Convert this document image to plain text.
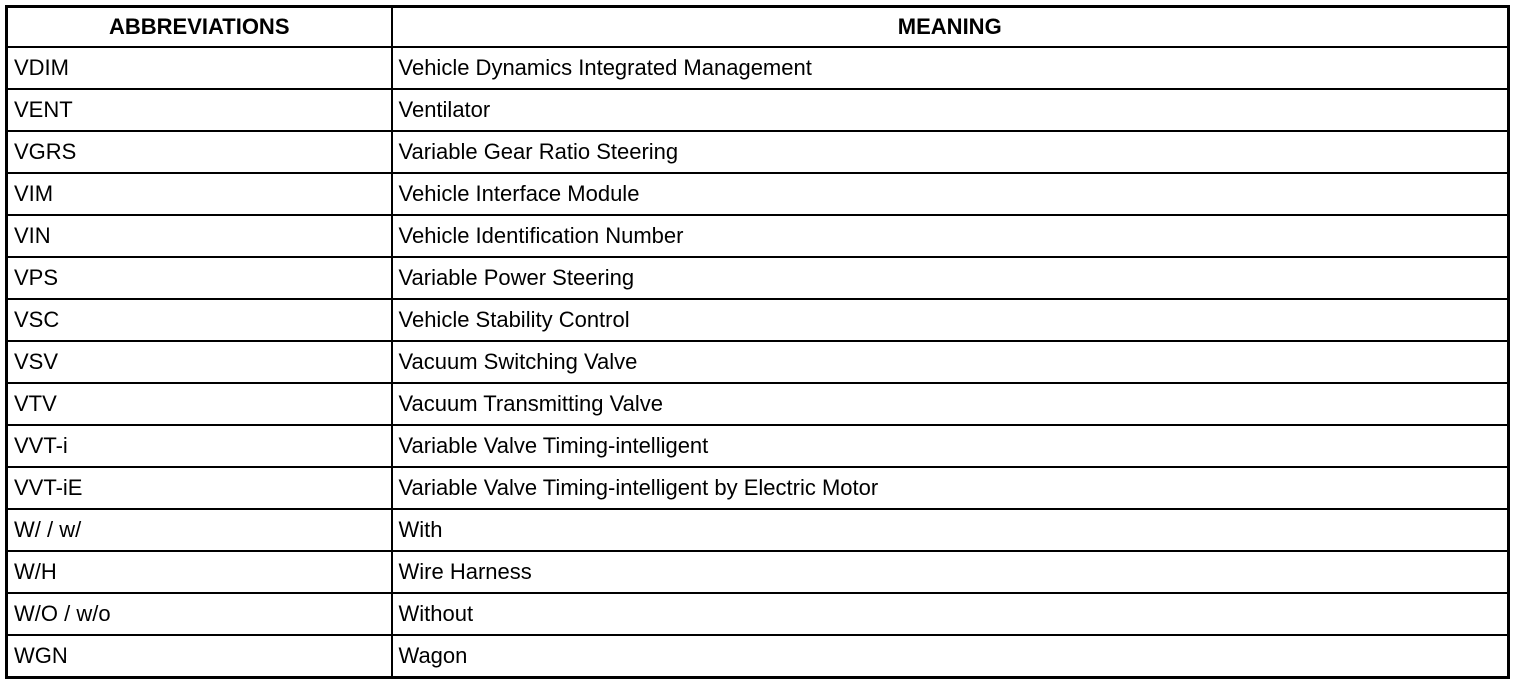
ABBREVIATIONS	MEANING
VDIM	Vehicle Dynamics Integrated Management
VENT	Ventilator
VGRS	Variable Gear Ratio Steering
VIM	Vehicle Interface Module
VIN	Vehicle Identification Number
VPS	Variable Power Steering
VSC	Vehicle Stability Control
VSV	Vacuum Switching Valve
VTV	Vacuum Transmitting Valve
VVT-i	Variable Valve Timing-intelligent
VVT-iE	Variable Valve Timing-intelligent by Electric Motor
W/ / w/	With
W/H	Wire Harness
W/O / w/o	Without
WGN	Wagon
